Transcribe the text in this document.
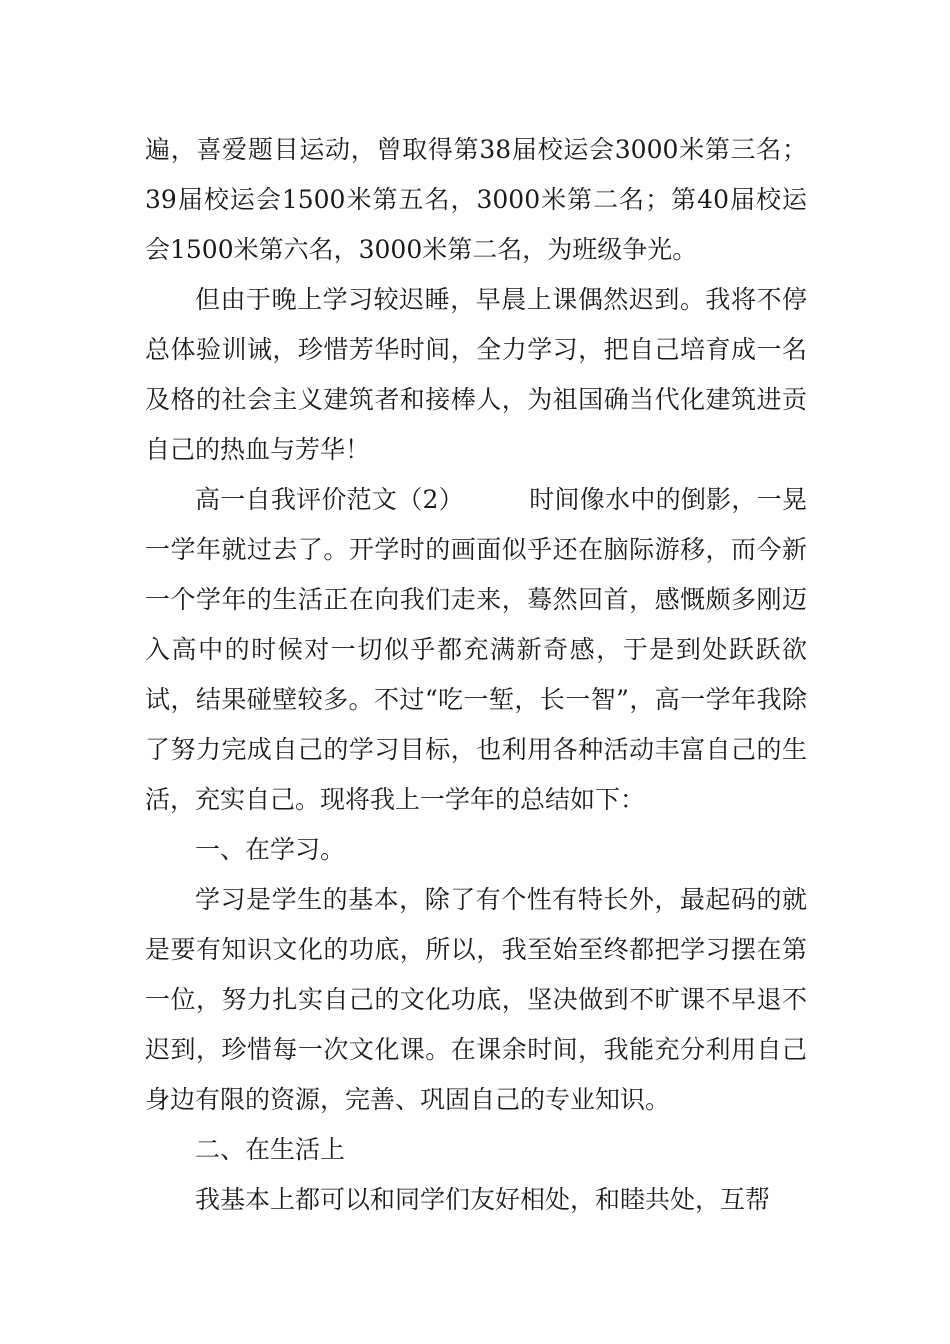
遍，喜爱题目运动，曾取得第38届校运会3000米第三名；39届校运会1500米第五名，3000米第二名；第40届校运会1500米第六名，3000米第二名，为班级争光。

但由于晚上学习较迟睡，早晨上课偶然迟到。我将不停总体验训诫，珍惜芳华时间，全力学习，把自己培育成一名及格的社会主义建筑者和接棒人，为祖国确当代化建筑进贡自己的热血与芳华！

高一自我评价范文（2）	时间像水中的倒影，一晃一学年就过去了。开学时的画面似乎还在脑际游移，而今新一个学年的生活正在向我们走来，蓦然回首，感慨颇多刚迈入高中的时候对一切似乎都充满新奇感，于是到处跃跃欲试，结果碰壁较多。不过“吃一堑，长一智”，高一学年我除了努力完成自己的学习目标，也利用各种活动丰富自己的生活，充实自己。现将我上一学年的总结如下：

一、在学习。

学习是学生的基本，除了有个性有特长外，最起码的就是要有知识文化的功底，所以，我至始至终都把学习摆在第一位，努力扎实自己的文化功底，坚决做到不旷课不早退不迟到，珍惜每一次文化课。在课余时间，我能充分利用自己身边有限的资源，完善、巩固自己的专业知识。

二、在生活上

我基本上都可以和同学们友好相处，和睦共处，互帮
